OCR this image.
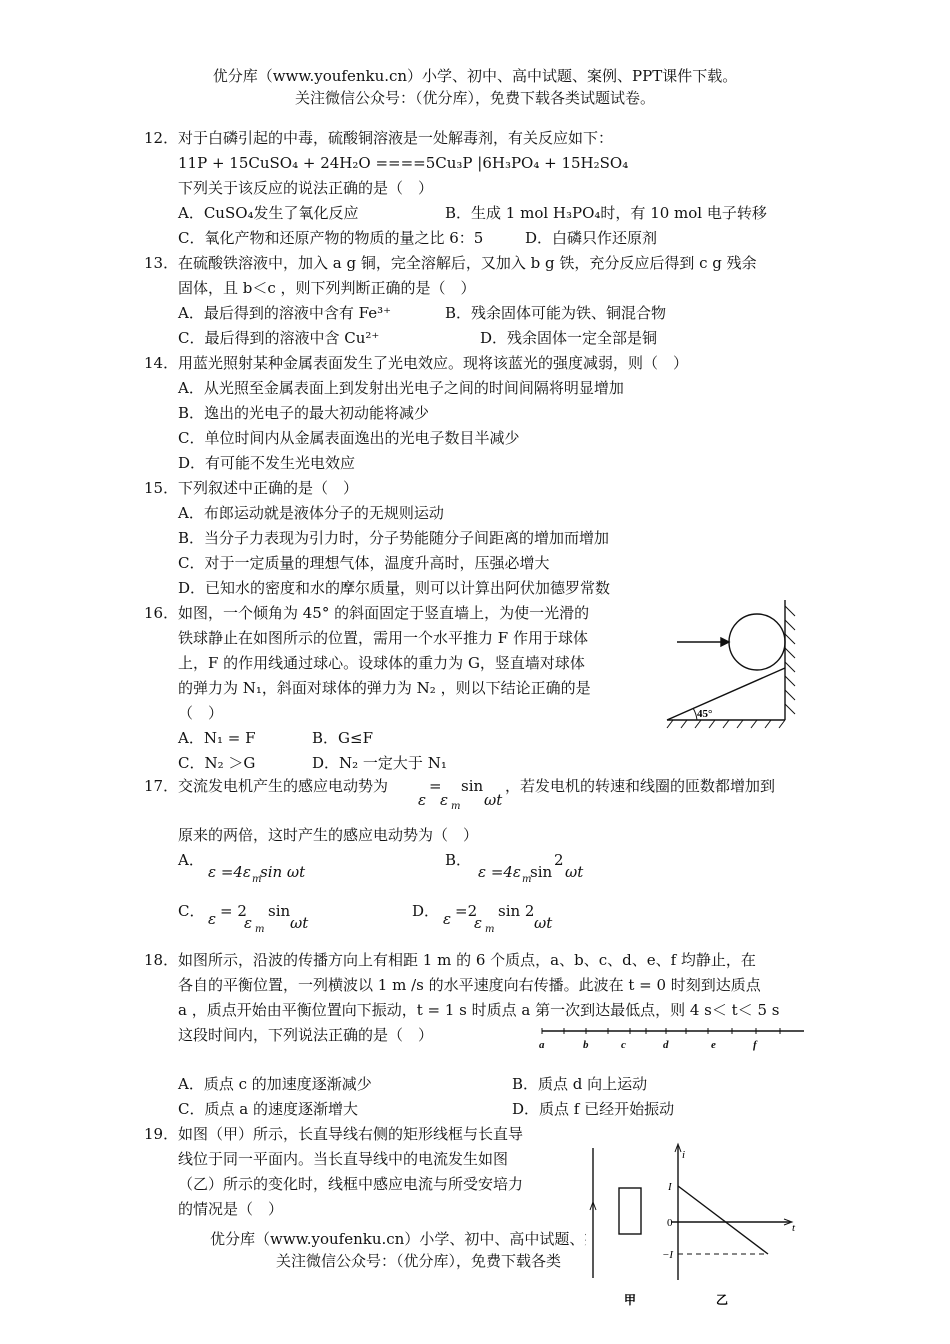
优分库（www.youfenku.cn）小学、初中、高中试题、案例、PPT课件下载。
关注微信公众号：（优分库），免费下载各类试题试卷。
12． 对于白磷引起的中毒，硫酸铜溶液是一处解毒剂，有关反应如下：
11P + 15CuSO₄ + 24H₂O ====5Cu₃P |6H₃PO₄ + 15H₂SO₄
下列关于该反应的说法正确的是（　）
A．CuSO₄发生了氧化反应	B．生成 1 mol H₃PO₄时，有 10 mol 电子转移
C．氧化产物和还原产物的物质的量之比 6：5	D．白磷只作还原剂
13． 在硫酸铁溶液中，加入 a g 铜，完全溶解后，又加入 b g 铁，充分反应后得到 c g 残余
固体，且 b＜c ，则下列判断正确的是（　）
A．最后得到的溶液中含有 Fe³⁺	B．残余固体可能为铁、铜混合物
C．最后得到的溶液中含 Cu²⁺	D．残余固体一定全部是铜
14． 用蓝光照射某种金属表面发生了光电效应。现将该蓝光的强度减弱，则（　）
A．从光照至金属表面上到发射出光电子之间的时间间隔将明显增加
B．逸出的光电子的最大初动能将减少
C．单位时间内从金属表面逸出的光电子数目半减少
D．有可能不发生光电效应
15． 下列叙述中正确的是（　）
A．布郎运动就是液体分子的无规则运动
B．当分子力表现为引力时，分子势能随分子间距离的增加而增加
C．对于一定质量的理想气体，温度升高时，压强必增大
D．已知水的密度和水的摩尔质量，则可以计算出阿伏加德罗常数
16． 如图，一个倾角为 45° 的斜面固定于竖直墙上，为使一光滑的
铁球静止在如图所示的位置，需用一个水平推力 F 作用于球体
上，F 的作用线通过球心。设球体的重力为 G，竖直墙对球体
的弹力为 N₁，斜面对球体的弹力为 N₂ ，则以下结论正确的是
（　）
A．N₁ = F	B．G≤F
C．N₂ ＞G	D．N₂ 一定大于 N₁
45°
17． 交流发电机产生的感应电动势为
ε
=
ε m
sin
ωt
，若发电机的转速和线圈的匝数都增加到
原来的两倍，这时产生的感应电动势为（　）
A．
ε =4ε m
sin ωt
B．
ε =4ε m
sin
2
ωt
C． ε = 2
ε m
sin
ωt
D． ε =2
ε m
sin 2
ωt
18． 如图所示，沿波的传播方向上有相距 1 m 的 6 个质点，a、b、c、d、e、f 均静止，在
各自的平衡位置，一列横波以 1 m /s 的水平速度向右传播。此波在 t = 0 时刻到达质点
a ，质点开始由平衡位置向下振动，t = 1 s 时质点 a 第一次到达最低点，则 4 s＜ t＜ 5 s
这段时间内，下列说法正确的是（　）
a	b	c	d	e	f
A．质点 c 的加速度逐渐减少	B．质点 d 向上运动
C．质点 a 的速度逐渐增大	D．质点 f 已经开始振动
19． 如图（甲）所示，长直导线右侧的矩形线框与长直导
线位于同一平面内。当长直导线中的电流发生如图
（乙）所示的变化时，线框中感应电流与所受安培力
的情况是（　）
优分库（www.youfenku.cn）小学、初中、高中试题、案
关注微信公众号：（优分库），免费下载各类
i
t
I
0
−I
甲	乙
